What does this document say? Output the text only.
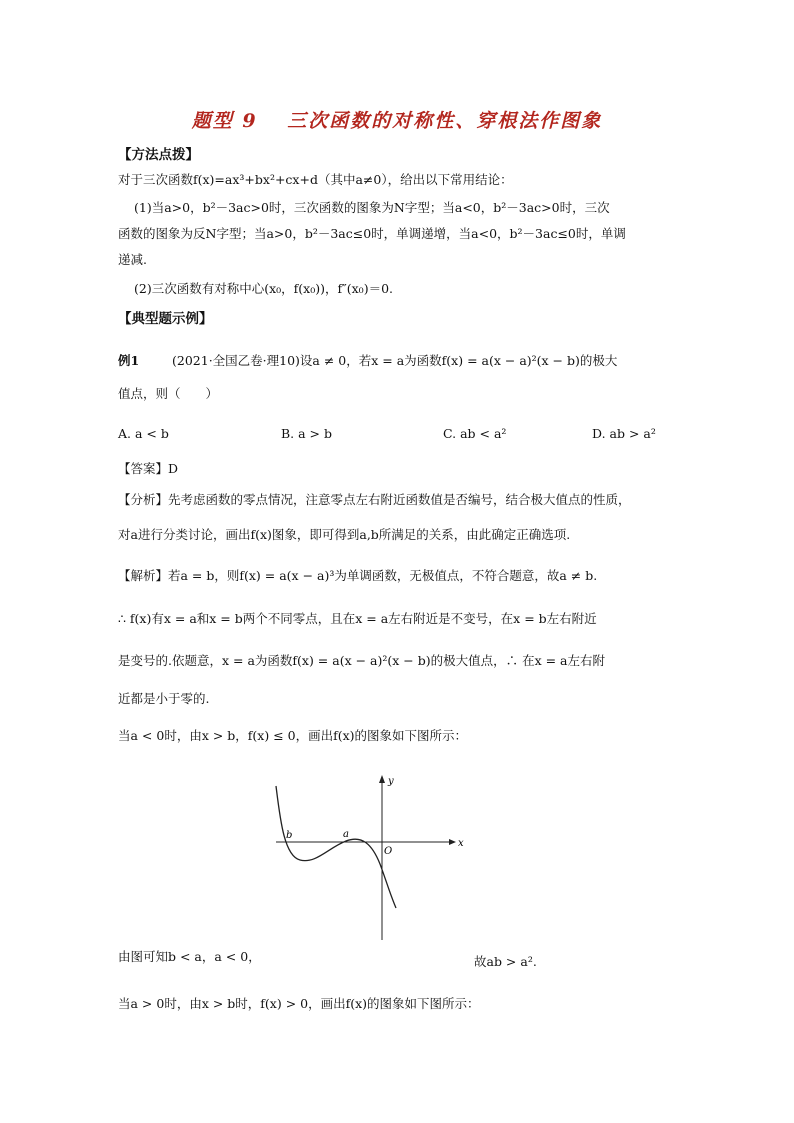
题型 9　 三次函数的对称性、穿根法作图象
【方法点拨】
对于三次函数f(x)=ax³+bx²+cx+d（其中a≠0），给出以下常用结论：
(1)当a>0，b²－3ac>0时，三次函数的图象为N字型；当a<0，b²－3ac>0时，三次
函数的图象为反N字型；当a>0，b²－3ac≤0时，单调递增，当a<0，b²－3ac≤0时，单调
递减.
(2)三次函数有对称中心(x₀，f(x₀))，f″(x₀)＝0.
【典型题示例】
例1	(2021·全国乙卷·理10)设a ≠ 0，若x = a为函数f(x) = a(x − a)²(x − b)的极大
值点，则（　　）
A. a < b	B. a > b	C. ab < a²	D. ab > a²
【答案】D
【分析】先考虑函数的零点情况，注意零点左右附近函数值是否编号，结合极大值点的性质，
对a进行分类讨论，画出f(x)图象，即可得到a,b所满足的关系，由此确定正确选项.
【解析】若a = b，则f(x) = a(x − a)³为单调函数，无极值点，不符合题意，故a ≠ b.
∴ f(x)有x = a和x = b两个不同零点，且在x = a左右附近是不变号，在x = b左右附近
是变号的.依题意，x = a为函数f(x) = a(x − a)²(x − b)的极大值点，∴ 在x = a左右附
近都是小于零的.
当a < 0时，由x > b，f(x) ≤ 0，画出f(x)的图象如下图所示：
x
y
O
b	a
由图可知b < a，a < 0，	故ab > a².
当a > 0时，由x > b时，f(x) > 0，画出f(x)的图象如下图所示：
